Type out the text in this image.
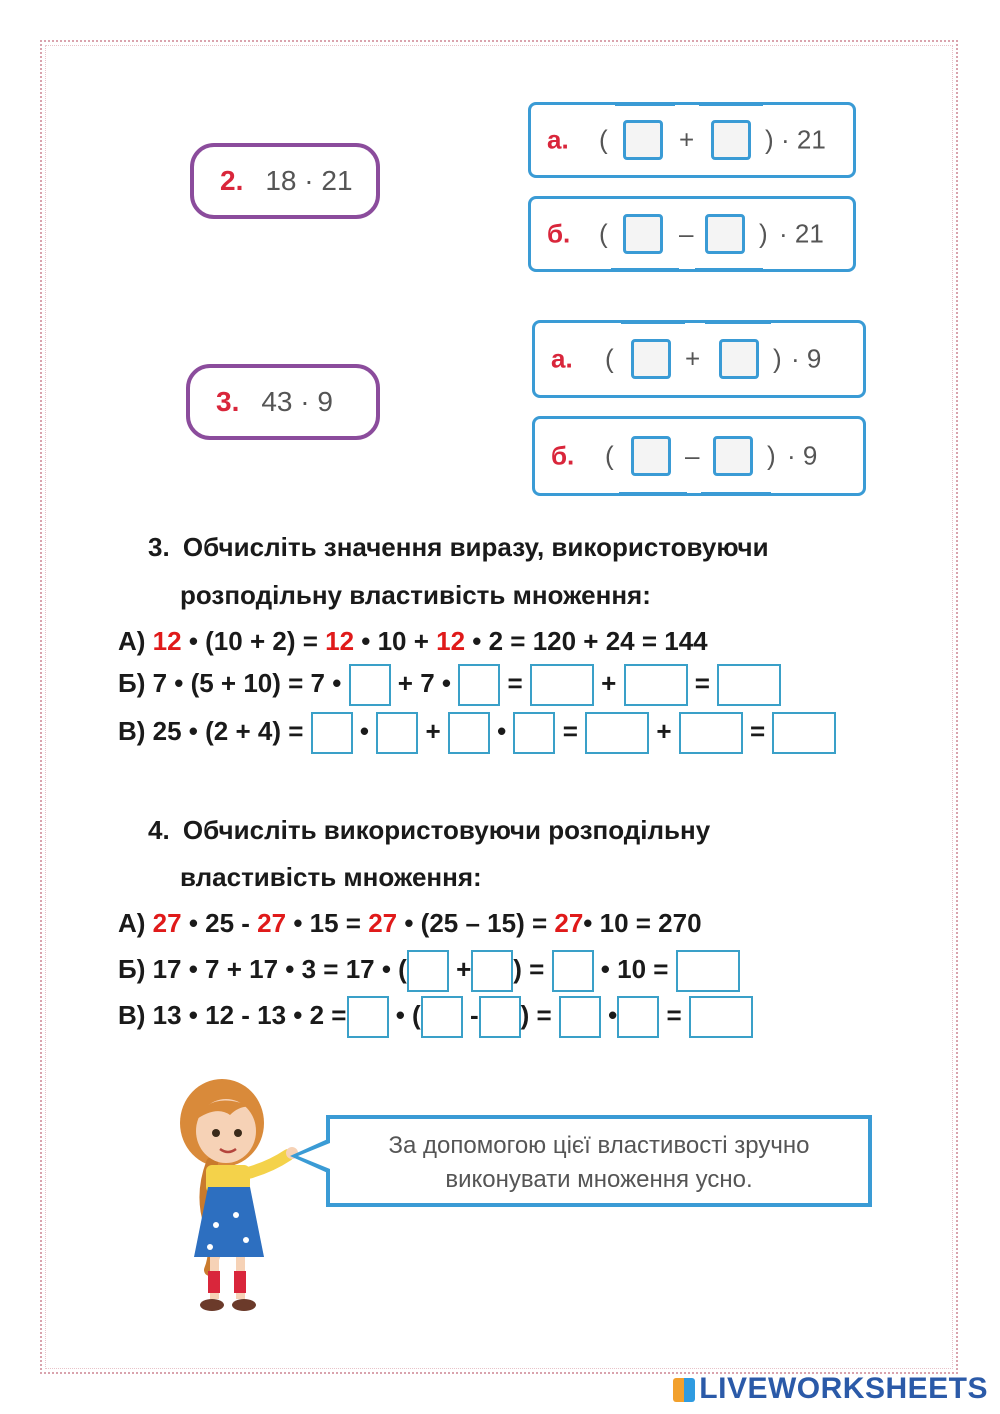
2. 18 · 21
a. (	+	) · 21
б. (	–	) · 21
3. 43 · 9
a. (	+	) · 9
б. (	–	) · 9
3. Обчисліть значення виразу, використовуючи
розподільну властивість множення:
А) 12 • (10 + 2) = 12 • 10 + 12 • 2 = 120 + 24 = 144
Б) 7 • (5 + 10) = 7 • + 7 • =	+	=
В) 25 • (2 + 4) = • + • =	+	=
4. Обчисліть використовуючи розподільну
властивість множення:
А) 27 • 25 - 27 • 15 = 27 • (25 – 15) = 27• 10 = 270
Б) 17 • 7 + 17 • 3 = 17 • ( + ) = • 10 =
В) 13 • 12 - 13 • 2 = • ( - ) = • =
За допомогою цієї властивості зручно
виконувати множення усно.
LIVEWORKSHEETS
